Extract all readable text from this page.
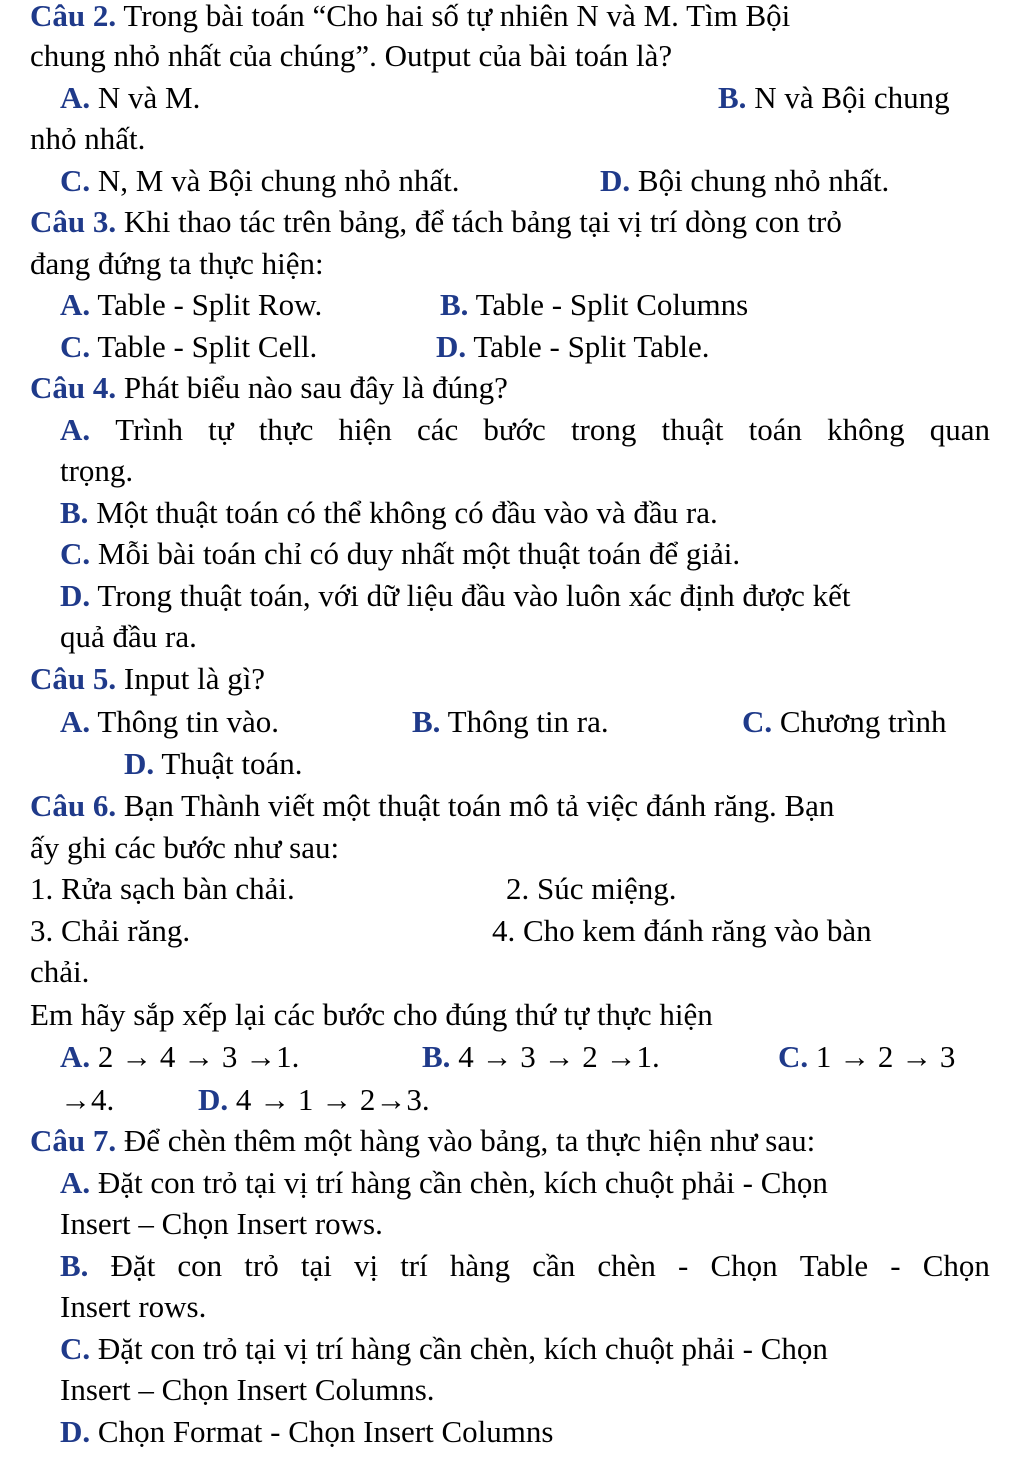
Câu 2. Trong bài toán “Cho hai số tự nhiên N và M. Tìm Bội
chung nhỏ nhất của chúng”. Output của bài toán là?
A. N và M.	B. N và Bội chung
nhỏ nhất.
C. N, M và Bội chung nhỏ nhất.	D. Bội chung nhỏ nhất.
Câu 3. Khi thao tác trên bảng, để tách bảng tại vị trí dòng con trỏ
đang đứng ta thực hiện:
A. Table - Split Row.	B. Table - Split Columns
C. Table - Split Cell.	D. Table - Split Table.
Câu 4. Phát biểu nào sau đây là đúng?
A. Trình tự thực hiện các bước trong thuật toán không quan
trọng.
B. Một thuật toán có thể không có đầu vào và đầu ra.
C. Mỗi bài toán chỉ có duy nhất một thuật toán để giải.
D. Trong thuật toán, với dữ liệu đầu vào luôn xác định được kết
quả đầu ra.
Câu 5. Input là gì?
A. Thông tin vào.	B. Thông tin ra.	C. Chương trình
D. Thuật toán.
Câu 6. Bạn Thành viết một thuật toán mô tả việc đánh răng. Bạn
ấy ghi các bước như sau:
1. Rửa sạch bàn chải.	2. Súc miệng.
3. Chải răng.	4. Cho kem đánh răng vào bàn
chải.
Em hãy sắp xếp lại các bước cho đúng thứ tự thực hiện
A. 2 → 4 → 3 →1.	B. 4 → 3 → 2 →1.	C. 1 → 2 → 3
→4.	D. 4 → 1 → 2→3.
Câu 7. Để chèn thêm một hàng vào bảng, ta thực hiện như sau:
A. Đặt con trỏ tại vị trí hàng cần chèn, kích chuột phải - Chọn
Insert – Chọn Insert rows.
B. Đặt con trỏ tại vị trí hàng cần chèn - Chọn Table - Chọn
Insert rows.
C. Đặt con trỏ tại vị trí hàng cần chèn, kích chuột phải - Chọn
Insert – Chọn Insert Columns.
D. Chọn Format - Chọn Insert Columns
